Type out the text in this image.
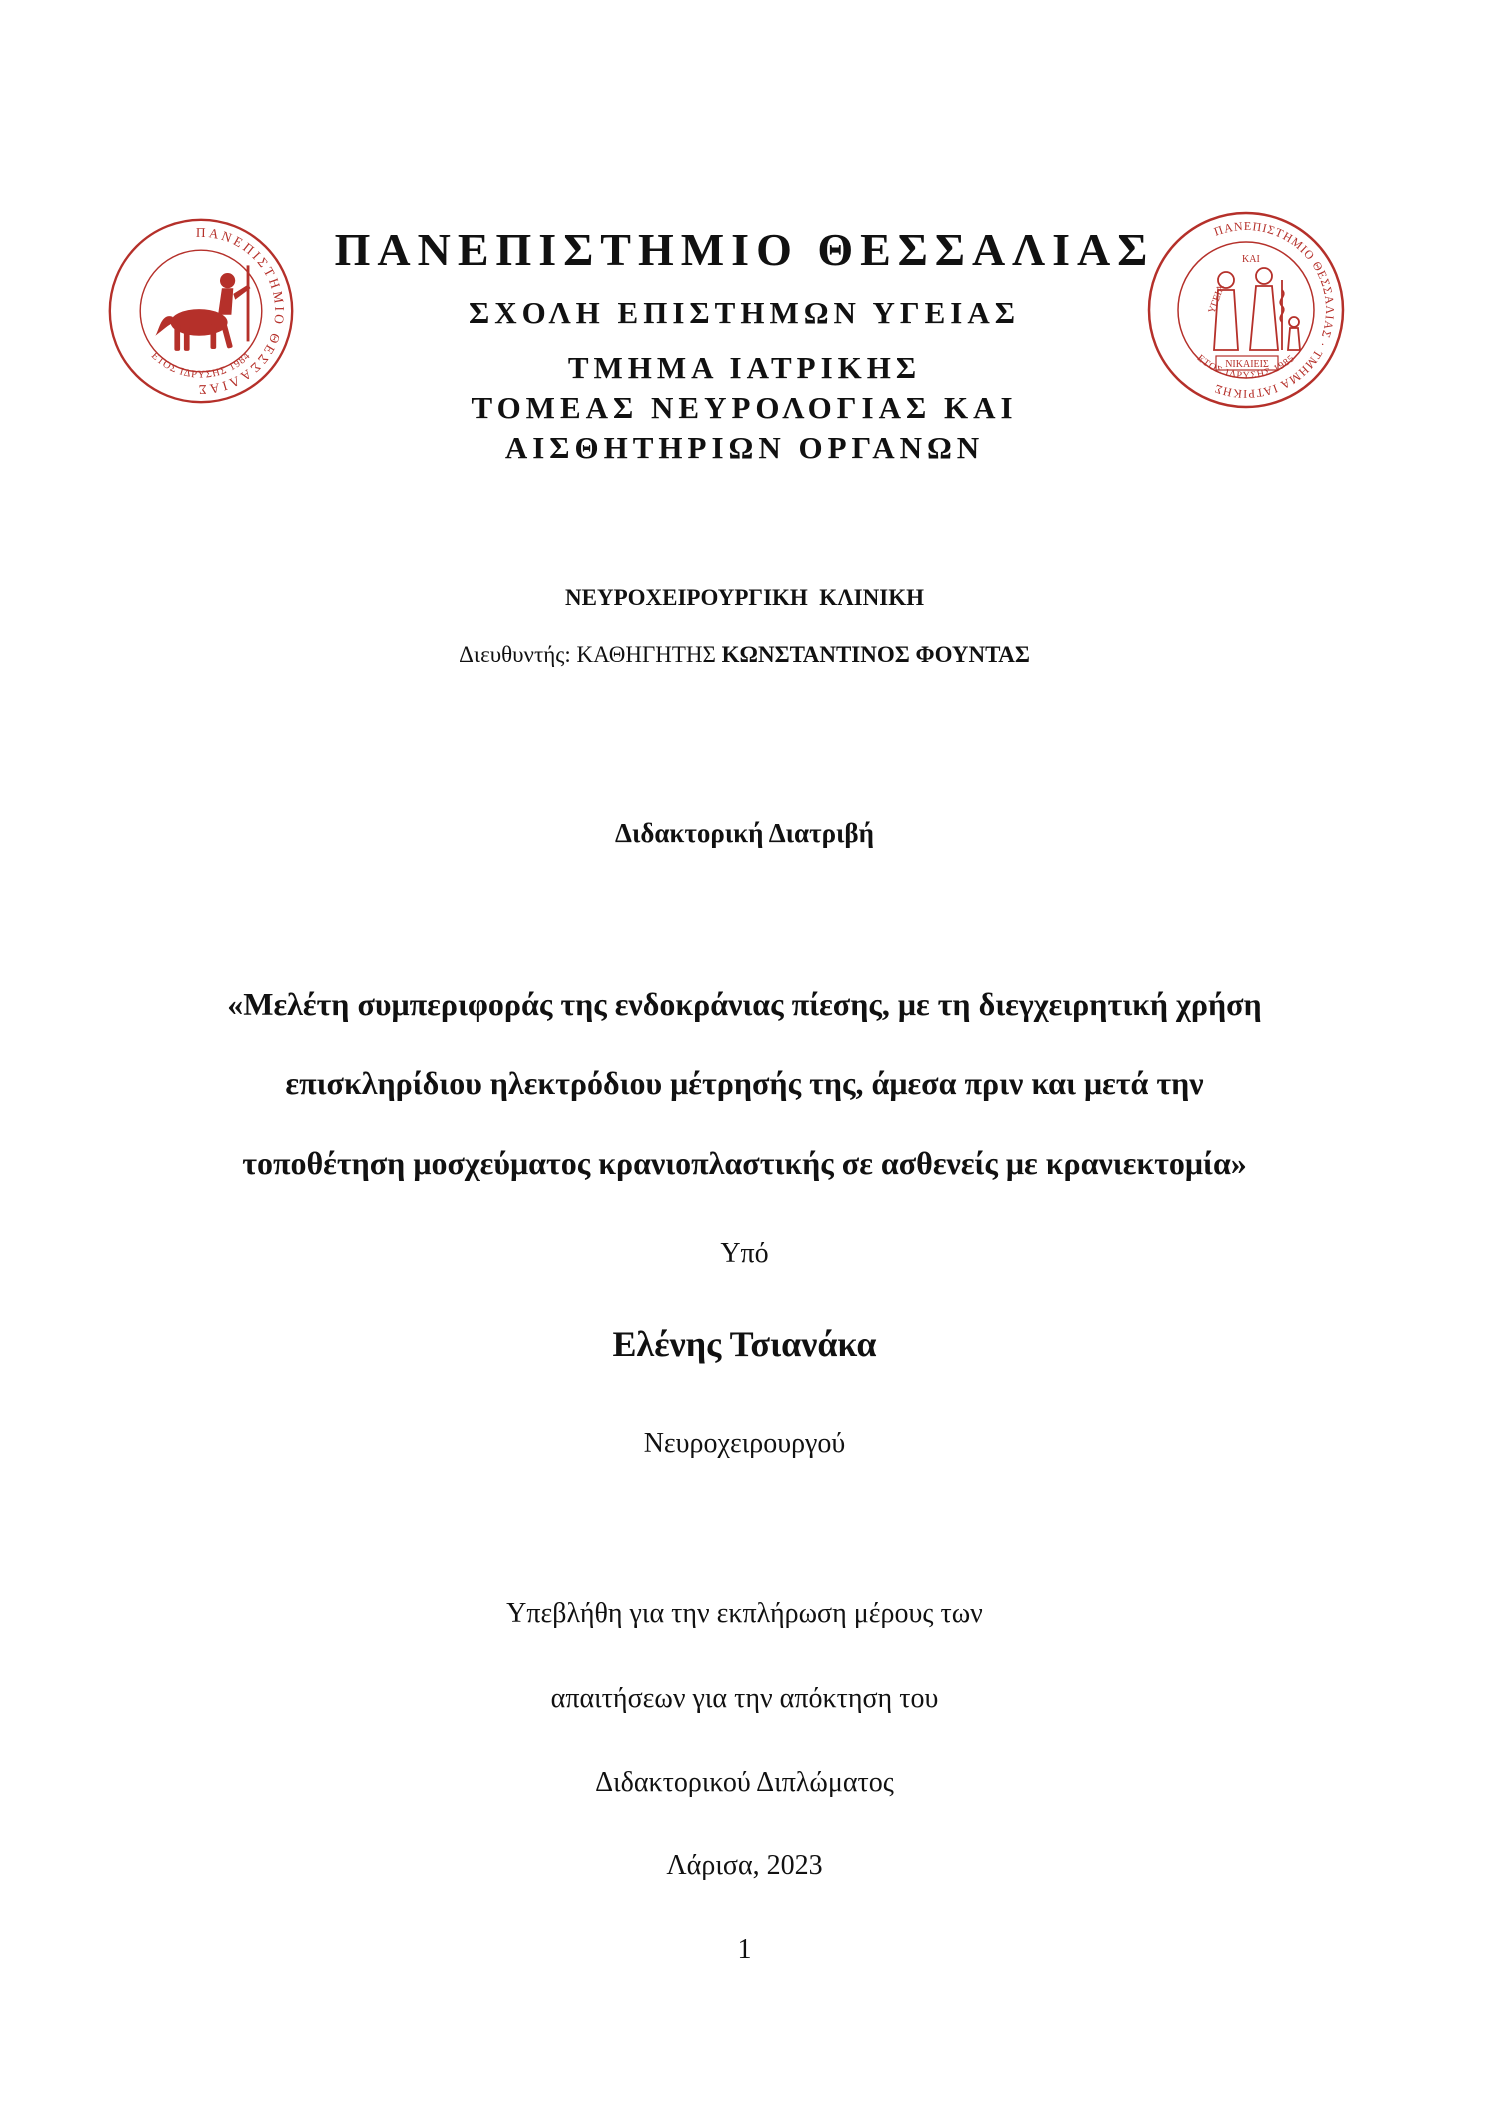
ΠΑΝΕΠΙΣΤΗΜΙΟ ΘΕΣΣΑΛΙΑΣ
ΕΤΟΣ ΙΔΡΥΣΗΣ 1984
ΠΑΝΕΠΙΣΤΗΜΙΟ ΘΕΣΣΑΛΙΑΣ · ΤΜΗΜΑ ΙΑΤΡΙΚΗΣ
ΕΤΟΣ ΙΔΡΥΣΗΣ 1985
ΥΓΕΙΑ
ΚΑΙ
ΝΙΚΑΙΕΙΣ
ΠΑΝΕΠΙΣΤΗΜΙΟ ΘΕΣΣΑΛΙΑΣ
ΣΧΟΛΗ ΕΠΙΣΤΗΜΩΝ ΥΓΕΙΑΣ
ΤΜΗΜΑ ΙΑΤΡΙΚΗΣ
ΤΟΜΕΑΣ ΝΕΥΡΟΛΟΓΙΑΣ ΚΑΙ
ΑΙΣΘΗΤΗΡΙΩΝ ΟΡΓΑΝΩΝ
ΝΕΥΡΟΧΕΙΡΟΥΡΓΙΚΗ  ΚΛΙΝΙΚΗ
Διευθυντής: ΚΑΘΗΓΗΤΗΣ ΚΩΝΣΤΑΝΤΙΝΟΣ ΦΟΥΝΤΑΣ
Διδακτορική Διατριβή
«Μελέτη συμπεριφοράς της ενδοκράνιας πίεσης, με τη διεγχειρητική χρήση
επισκληρίδιου ηλεκτρόδιου μέτρησής της, άμεσα πριν και μετά την
τοποθέτηση μοσχεύματος κρανιοπλαστικής σε ασθενείς με κρανιεκτομία»
Υπό
Ελένης Τσιανάκα
Νευροχειρουργού
Υπεβλήθη για την εκπλήρωση μέρους των
απαιτήσεων για την απόκτηση του
Διδακτορικού Διπλώματος
Λάρισα, 2023
1
